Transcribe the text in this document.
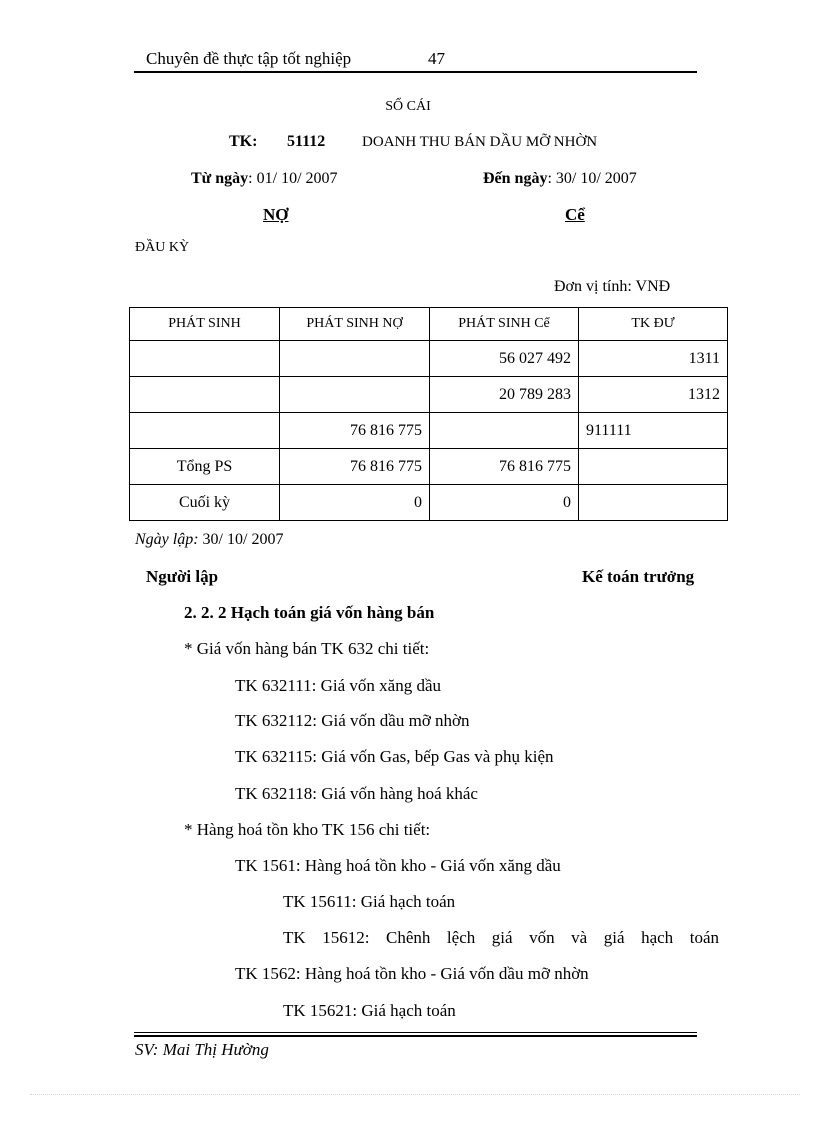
Chuyên đề thực tập tốt nghiệp	47
SỔ CÁI
TK: 51112 DOANH THU BÁN DẦU MỠ NHỜN
Từ ngày: 01/ 10/ 2007	Đến ngày: 30/ 10/ 2007
NỢ	Cể
ĐẦU KỲ
Đơn vị tính: VNĐ
PHÁT SINH	PHÁT SINH NỢ	PHÁT SINH Cể	TK ĐƯ
		56 027 492	1311
		20 789 283	1312
	76 816 775		911111
Tổng PS	76 816 775	76 816 775	
Cuối kỳ	0	0	
Ngày lập: 30/ 10/ 2007
Người lập	Kế toán trưởng
2. 2. 2 Hạch toán giá vốn hàng bán
* Giá vốn hàng bán TK 632 chi tiết:
TK 632111: Giá vốn xăng dầu
TK 632112: Giá vốn dầu mỡ nhờn
TK 632115: Giá vốn Gas, bếp Gas và phụ kiện
TK 632118: Giá vốn hàng hoá khác
* Hàng hoá tồn kho TK 156 chi tiết:
TK 1561: Hàng hoá tồn kho - Giá vốn xăng dầu
TK 15611: Giá hạch toán
TK 15612: Chênh lệch giá vốn và giá hạch toán
TK 1562: Hàng hoá tồn kho - Giá vốn dầu mỡ nhờn
TK 15621: Giá hạch toán
SV: Mai Thị Hường
